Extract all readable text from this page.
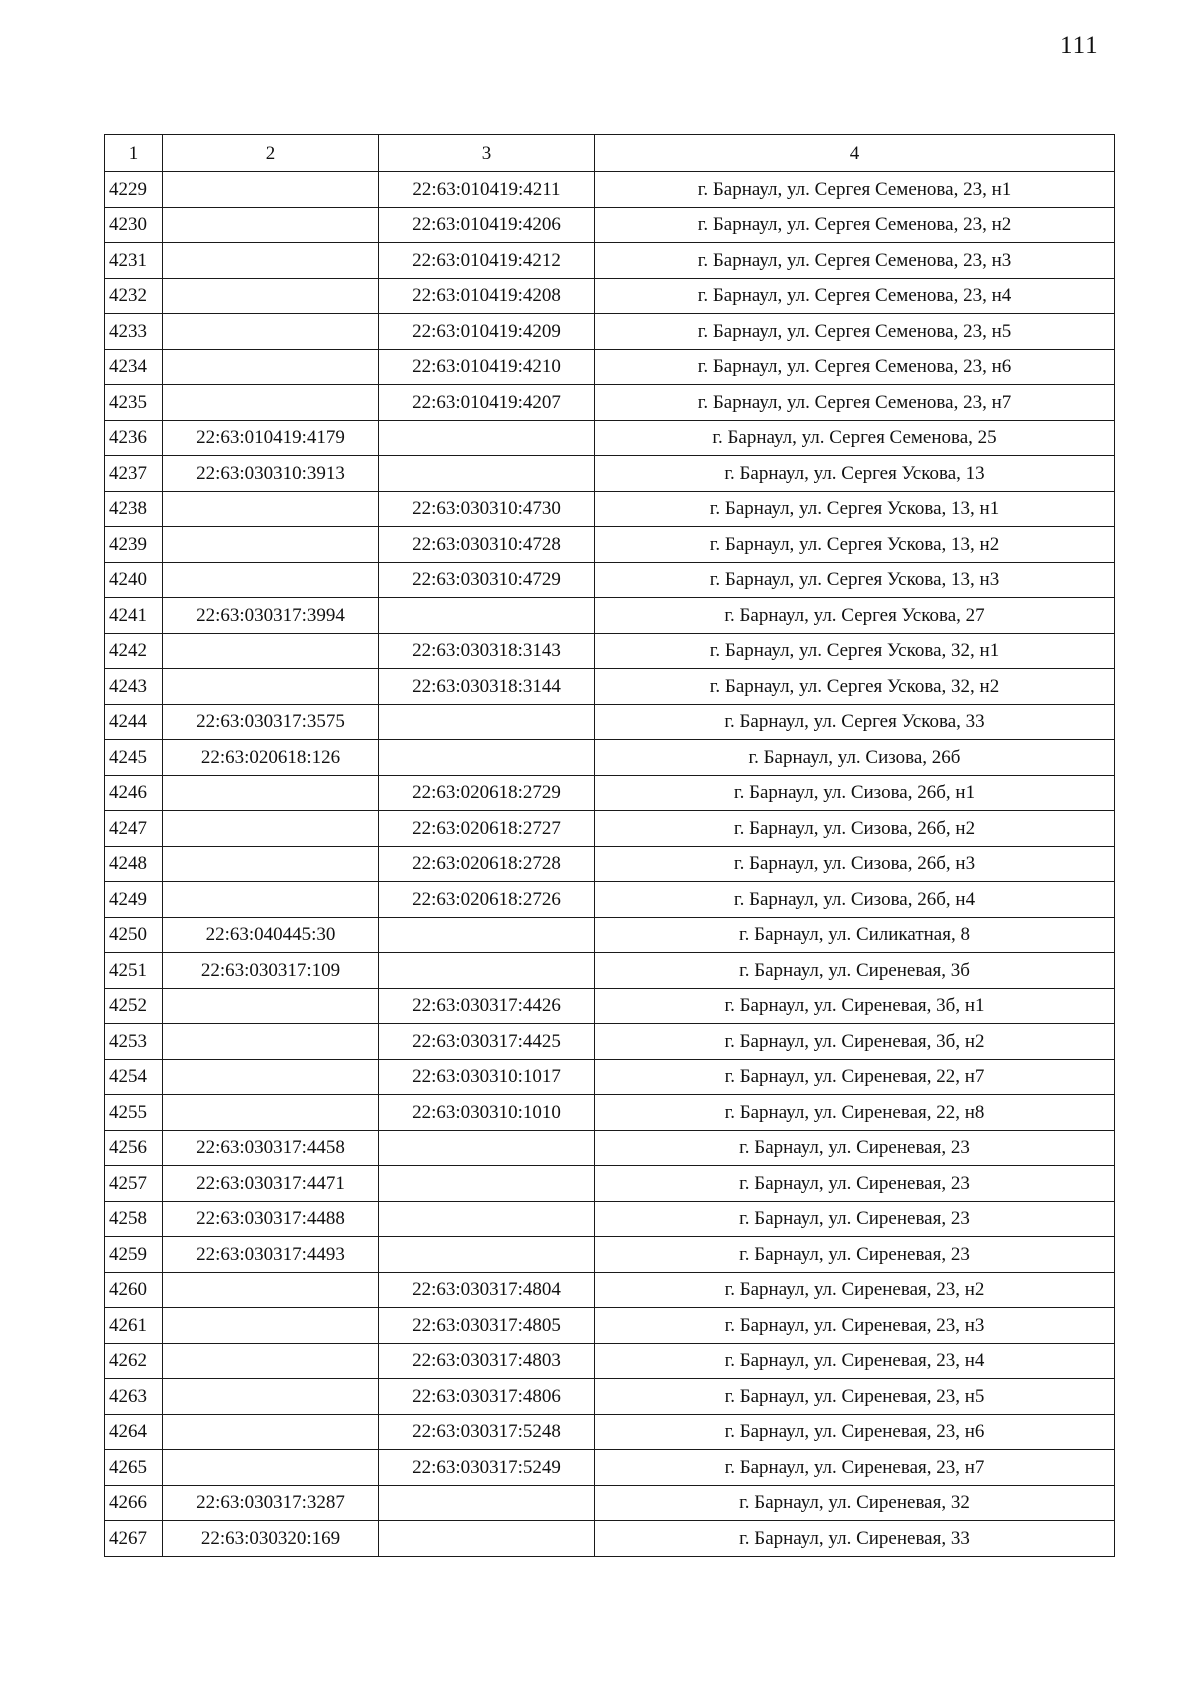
111
1	2	3	4
4229		22:63:010419:4211	г. Барнаул, ул. Сергея Семенова, 23, н1
4230		22:63:010419:4206	г. Барнаул, ул. Сергея Семенова, 23, н2
4231		22:63:010419:4212	г. Барнаул, ул. Сергея Семенова, 23, н3
4232		22:63:010419:4208	г. Барнаул, ул. Сергея Семенова, 23, н4
4233		22:63:010419:4209	г. Барнаул, ул. Сергея Семенова, 23, н5
4234		22:63:010419:4210	г. Барнаул, ул. Сергея Семенова, 23, н6
4235		22:63:010419:4207	г. Барнаул, ул. Сергея Семенова, 23, н7
4236	22:63:010419:4179		г. Барнаул, ул. Сергея Семенова, 25
4237	22:63:030310:3913		г. Барнаул, ул. Сергея Ускова, 13
4238		22:63:030310:4730	г. Барнаул, ул. Сергея Ускова, 13, н1
4239		22:63:030310:4728	г. Барнаул, ул. Сергея Ускова, 13, н2
4240		22:63:030310:4729	г. Барнаул, ул. Сергея Ускова, 13, н3
4241	22:63:030317:3994		г. Барнаул, ул. Сергея Ускова, 27
4242		22:63:030318:3143	г. Барнаул, ул. Сергея Ускова, 32, н1
4243		22:63:030318:3144	г. Барнаул, ул. Сергея Ускова, 32, н2
4244	22:63:030317:3575		г. Барнаул, ул. Сергея Ускова, 33
4245	22:63:020618:126		г. Барнаул, ул. Сизова, 26б
4246		22:63:020618:2729	г. Барнаул, ул. Сизова, 26б, н1
4247		22:63:020618:2727	г. Барнаул, ул. Сизова, 26б, н2
4248		22:63:020618:2728	г. Барнаул, ул. Сизова, 26б, н3
4249		22:63:020618:2726	г. Барнаул, ул. Сизова, 26б, н4
4250	22:63:040445:30		г. Барнаул, ул. Силикатная, 8
4251	22:63:030317:109		г. Барнаул, ул. Сиреневая, 3б
4252		22:63:030317:4426	г. Барнаул, ул. Сиреневая, 3б, н1
4253		22:63:030317:4425	г. Барнаул, ул. Сиреневая, 3б, н2
4254		22:63:030310:1017	г. Барнаул, ул. Сиреневая, 22, н7
4255		22:63:030310:1010	г. Барнаул, ул. Сиреневая, 22, н8
4256	22:63:030317:4458		г. Барнаул, ул. Сиреневая, 23
4257	22:63:030317:4471		г. Барнаул, ул. Сиреневая, 23
4258	22:63:030317:4488		г. Барнаул, ул. Сиреневая, 23
4259	22:63:030317:4493		г. Барнаул, ул. Сиреневая, 23
4260		22:63:030317:4804	г. Барнаул, ул. Сиреневая, 23, н2
4261		22:63:030317:4805	г. Барнаул, ул. Сиреневая, 23, н3
4262		22:63:030317:4803	г. Барнаул, ул. Сиреневая, 23, н4
4263		22:63:030317:4806	г. Барнаул, ул. Сиреневая, 23, н5
4264		22:63:030317:5248	г. Барнаул, ул. Сиреневая, 23, н6
4265		22:63:030317:5249	г. Барнаул, ул. Сиреневая, 23, н7
4266	22:63:030317:3287		г. Барнаул, ул. Сиреневая, 32
4267	22:63:030320:169		г. Барнаул, ул. Сиреневая, 33
